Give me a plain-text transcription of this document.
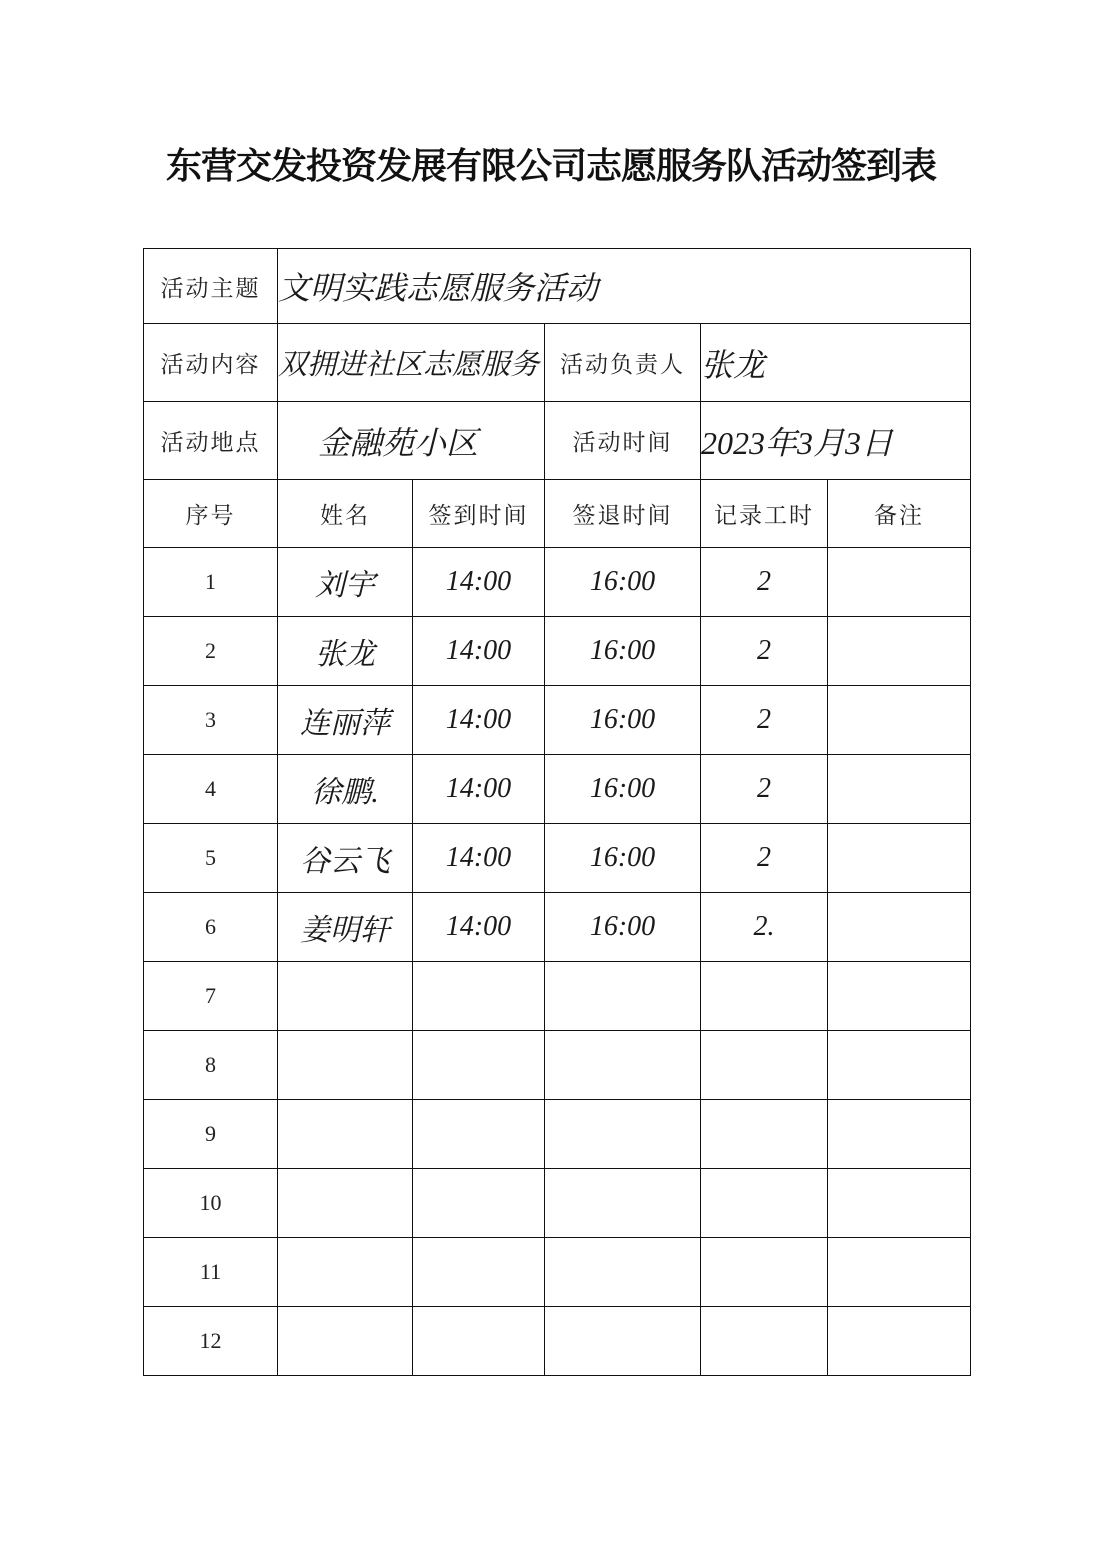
东营交发投资发展有限公司志愿服务队活动签到表
活动主题	文明实践志愿服务活动				
活动内容	双拥进社区志愿服务		活动负责人	张龙	
活动地点	金融苑小区		活动时间	2023年3月3日	
序号	姓名	签到时间	签退时间	记录工时	备注
1	刘宇	14:00	16:00	2	
2	张龙	14:00	16:00	2	
3	连丽萍	14:00	16:00	2	
4	徐鹏.	14:00	16:00	2	
5	谷云飞	14:00	16:00	2	
6	姜明轩	14:00	16:00	2.	
7					
8					
9					
10					
11					
12					
